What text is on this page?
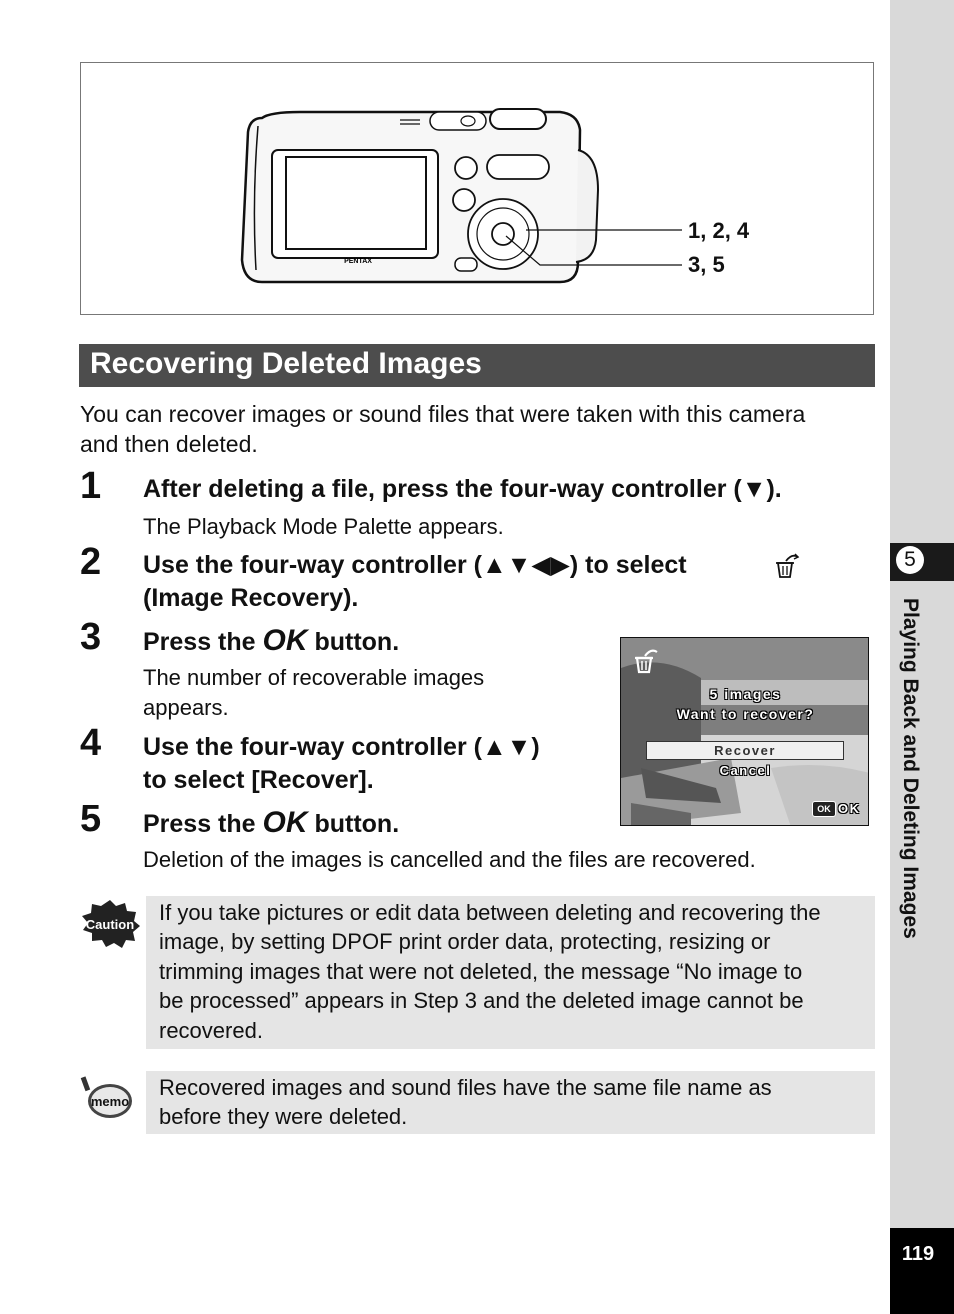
5
Playing Back and Deleting Images
119
PENTAX
1, 2, 4
3, 5
Recovering Deleted Images
You can recover images or sound files that were taken with this camera
and then deleted.
1 After deleting a file, press the four-way controller (▼).
The Playback Mode Palette appears.
2 Use the four-way controller (▲▼◀▶) to select
(Image Recovery).
3 Press the OK button.
The number of recoverable images
appears.
4 Use the four-way controller (▲▼)
to select [Recover].
5 Press the OK button.
Deletion of the images is cancelled and the files are recovered.
5 images
Want to recover?
Recover
Cancel
OK OK
Caution If you take pictures or edit data between deleting and recovering the
image, by setting DPOF print order data, protecting, resizing or
trimming images that were not deleted, the message “No image to
be processed” appears in Step 3 and the deleted image cannot be
recovered.
memo
Recovered images and sound files have the same file name as
before they were deleted.
